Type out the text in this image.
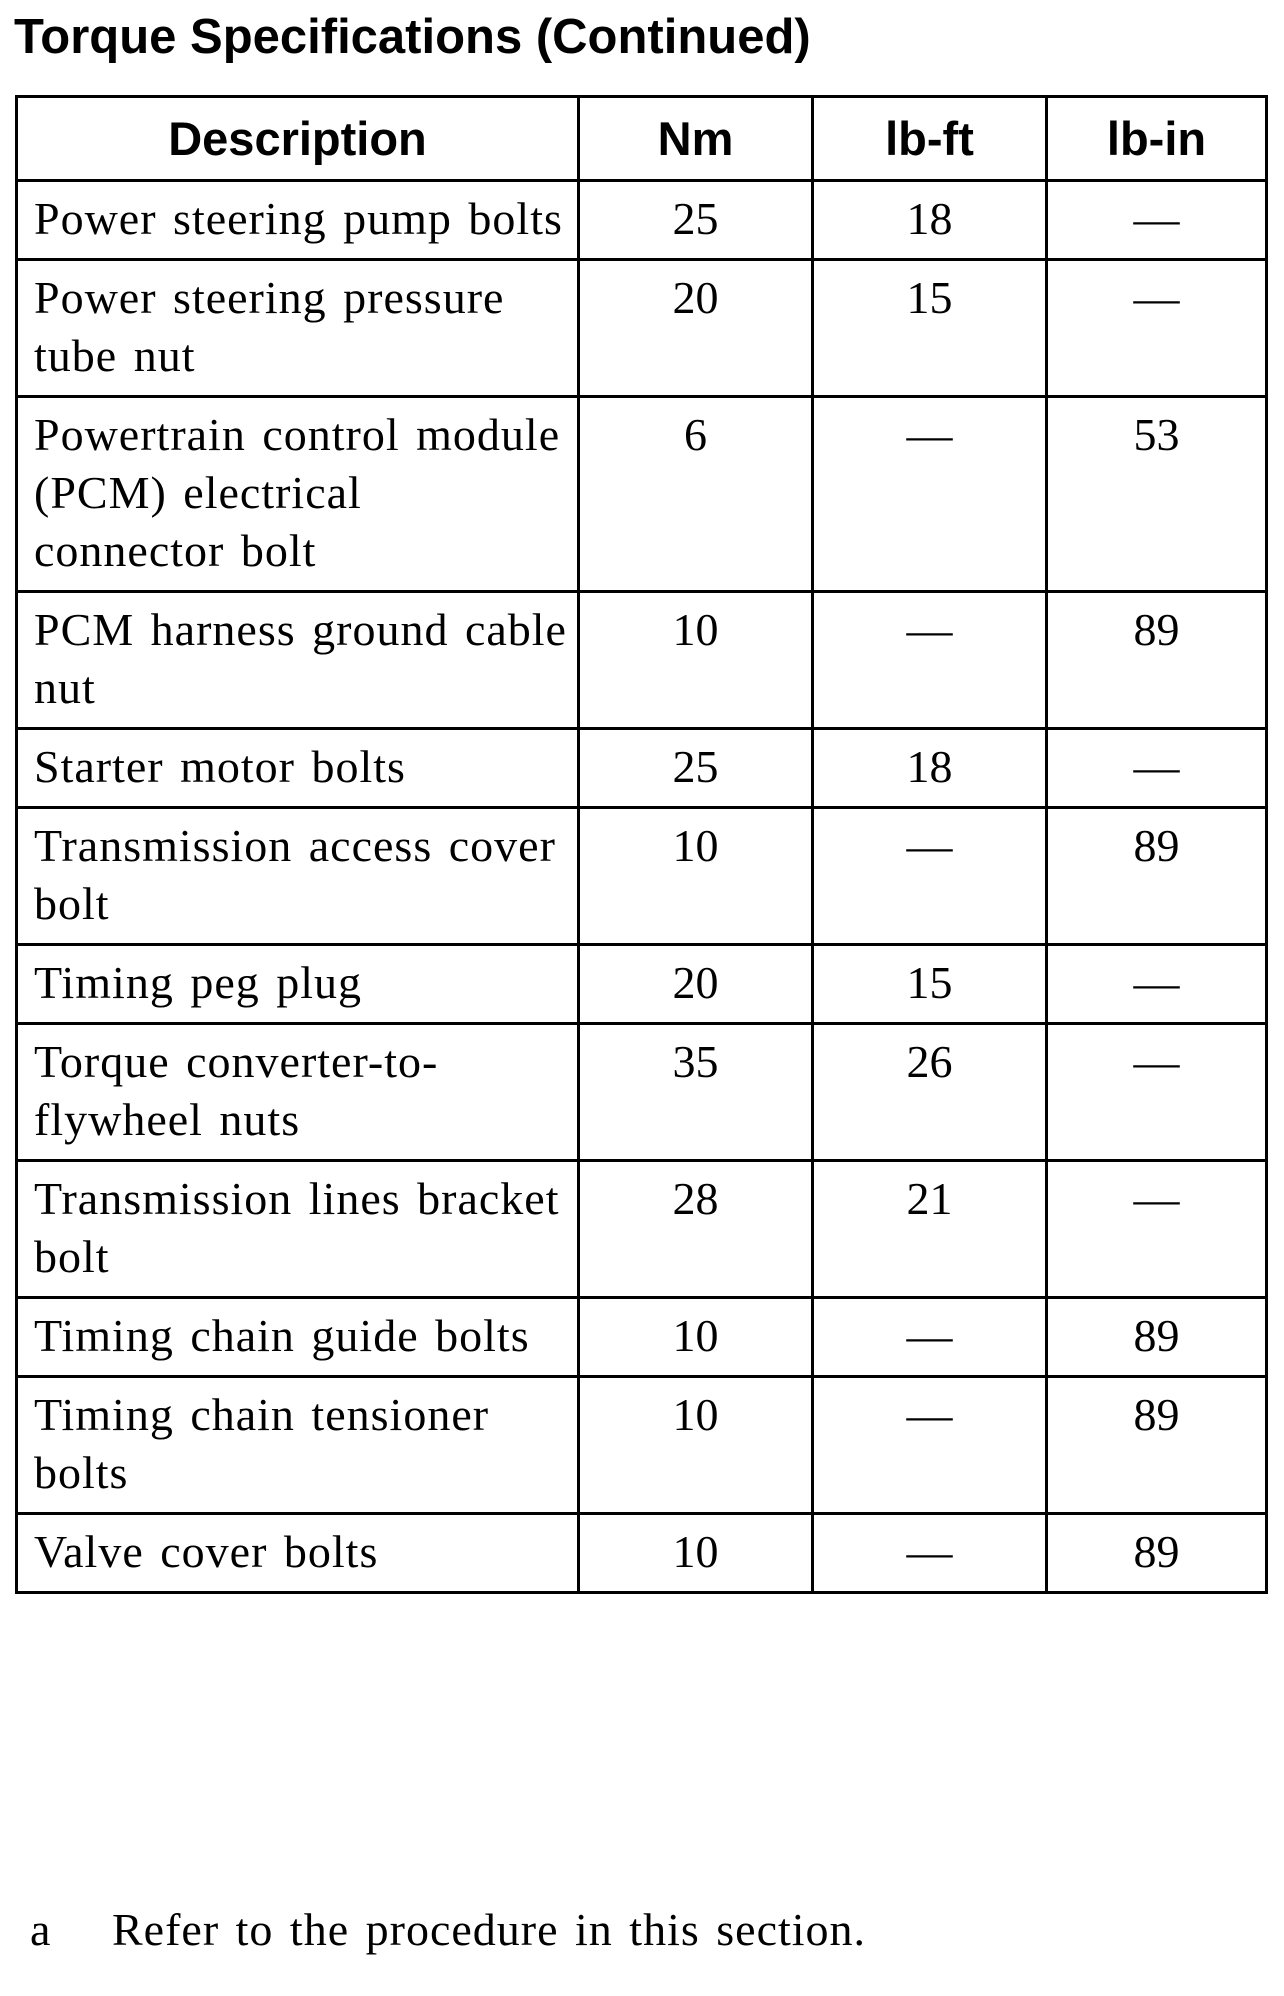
Torque Specifications (Continued)
Description	Nm	lb-ft	lb-in
Power steering pump bolts	25	18	—
Power steering pressure tube nut	20	15	—
Powertrain control module (PCM) electrical connector bolt	6	—	53
PCM harness ground cable nut	10	—	89
Starter motor bolts	25	18	—
Transmission access cover bolt	10	—	89
Timing peg plug	20	15	—
Torque converter-to-flywheel nuts	35	26	—
Transmission lines bracket bolt	28	21	—
Timing chain guide bolts	10	—	89
Timing chain tensioner bolts	10	—	89
Valve cover bolts	10	—	89
a Refer to the procedure in this section.
